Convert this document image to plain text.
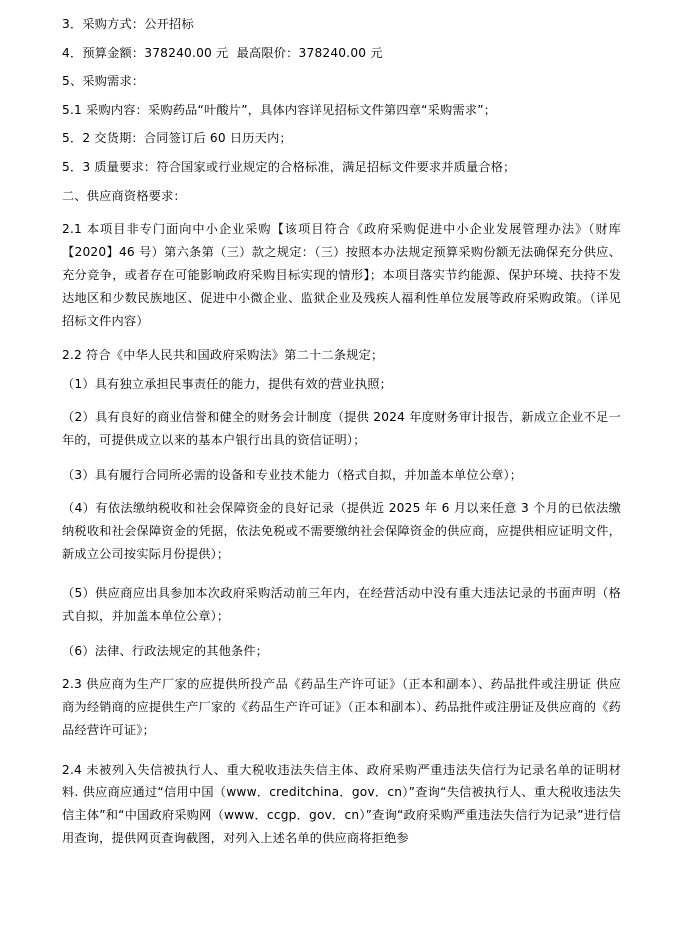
3．采购方式：公开招标

4．预算金额：378240.00 元  最高限价：378240.00 元

5、采购需求：

5.1 采购内容：采购药品“叶酸片”，具体内容详见招标文件第四章“采购需求”；

5．2 交货期：合同签订后 60 日历天内；

5．3 质量要求：符合国家或行业规定的合格标准，满足招标文件要求并质量合格；

二、供应商资格要求：

2.1 本项目非专门面向中小企业采购【该项目符合《政府采购促进中小企业发展管理办法》（财库【2020】46 号）第六条第（三）款之规定：（三）按照本办法规定预算采购份额无法确保充分供应、充分竞争，或者存在可能影响政府采购目标实现的情形】；本项目落实节约能源、保护环境、扶持不发达地区和少数民族地区、促进中小微企业、监狱企业及残疾人福利性单位发展等政府采购政策。（详见招标文件内容）

2.2 符合《中华人民共和国政府采购法》第二十二条规定；

（1）具有独立承担民事责任的能力，提供有效的营业执照；

（2）具有良好的商业信誉和健全的财务会计制度（提供 2024 年度财务审计报告，新成立企业不足一年的，可提供成立以来的基本户银行出具的资信证明）；

（3）具有履行合同所必需的设备和专业技术能力（格式自拟，并加盖本单位公章）；

（4）有依法缴纳税收和社会保障资金的良好记录（提供近 2025 年 6 月以来任意 3 个月的已依法缴纳税收和社会保障资金的凭据，依法免税或不需要缴纳社会保障资金的供应商，应提供相应证明文件，新成立公司按实际月份提供）；

（5）供应商应出具参加本次政府采购活动前三年内，在经营活动中没有重大违法记录的书面声明（格式自拟，并加盖本单位公章）；

（6）法律、行政法规定的其他条件；

2.3 供应商为生产厂家的应提供所投产品《药品生产许可证》（正本和副本）、药品批件或注册证 供应商为经销商的应提供生产厂家的《药品生产许可证》（正本和副本）、药品批件或注册证及供应商的《药品经营许可证》；

2.4 未被列入失信被执行人、重大税收违法失信主体、政府采购严重违法失信行为记录名单的证明材料. 供应商应通过“信用中国（www．creditchina．gov．cn）”查询“失信被执行人、重大税收违法失信主体”和“中国政府采购网（www．ccgp．gov．cn）”查询“政府采购严重违法失信行为记录”进行信用查询，提供网页查询截图，对列入上述名单的供应商将拒绝参
